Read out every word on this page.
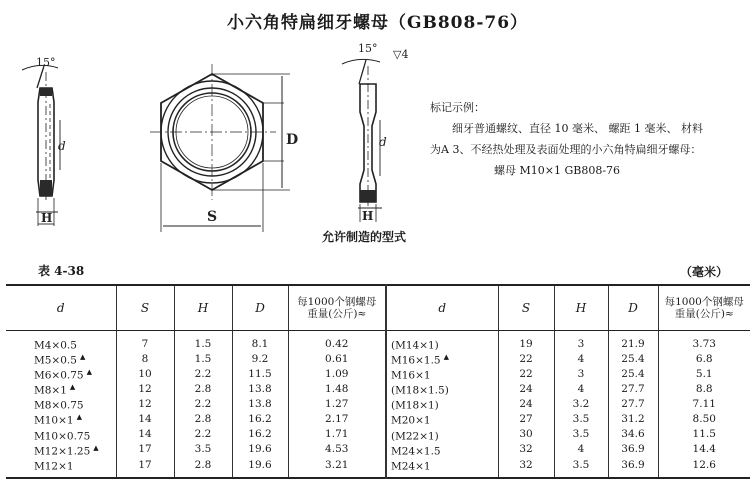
小六角特扁细牙螺母（GB808-76）
15°
d
H	S
D
15° ▽4
d
H
允许制造的型式
标记示例：
细牙普通螺纹、直径 10 毫米、 螺距 1 毫米、 材料
为A 3、不经热处理及表面处理的小六角特扁细牙螺母：
螺母 M10×1 GB808-76
表 4-38	（毫米）
d	S	H	D	每1000个钢螺母
重量(公斤)≈	d	S	H	D	每1000个钢螺母
重量(公斤)≈
M4×0.5	7	1.5	8.1	0.42	(M14×1)	19	3	21.9	3.73
M5×0.5 ▲	8	1.5	9.2	0.61	M16×1.5 ▲	22	4	25.4	6.8
M6×0.75 ▲	10	2.2	11.5	1.09	M16×1	22	3	25.4	5.1
M8×1 ▲	12	2.8	13.8	1.48	(M18×1.5)	24	4	27.7	8.8
M8×0.75	12	2.2	13.8	1.27	(M18×1)	24	3.2	27.7	7.11
M10×1 ▲	14	2.8	16.2	2.17	M20×1	27	3.5	31.2	8.50
M10×0.75	14	2.2	16.2	1.71	(M22×1)	30	3.5	34.6	11.5
M12×1.25 ▲	17	3.5	19.6	4.53	M24×1.5	32	4	36.9	14.4
M12×1	17	2.8	19.6	3.21	M24×1	32	3.5	36.9	12.6
